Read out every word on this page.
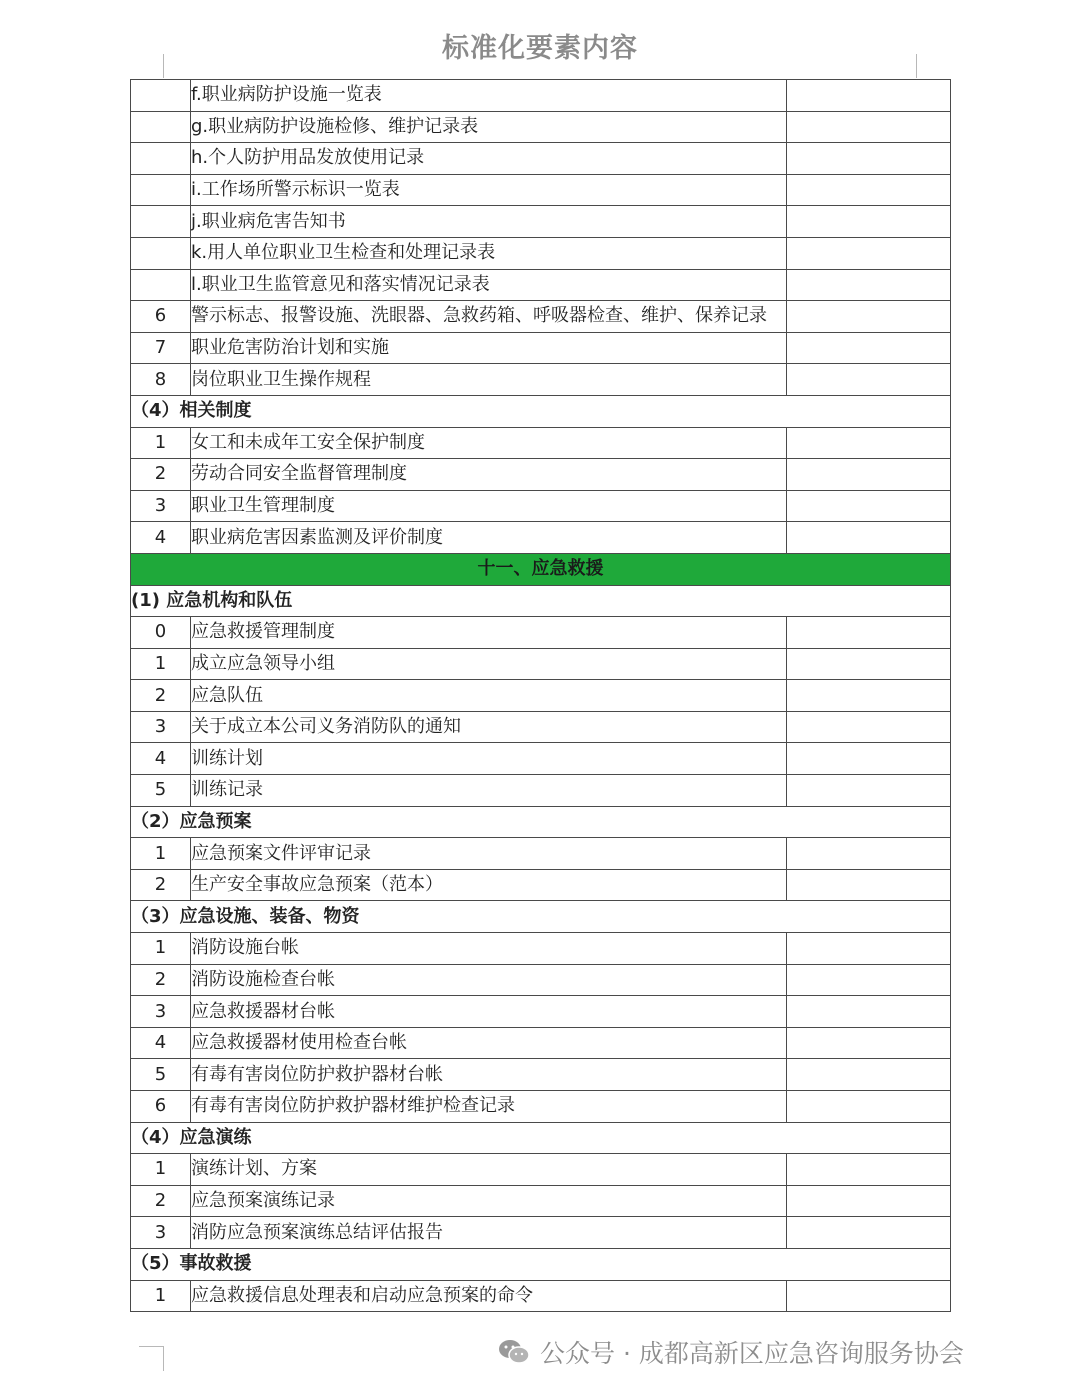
标准化要素内容
	f.职业病防护设施一览表	
	g.职业病防护设施检修、维护记录表	
	h.个人防护用品发放使用记录	
	i.工作场所警示标识一览表	
	j.职业病危害告知书	
	k.用人单位职业卫生检查和处理记录表	
	l.职业卫生监管意见和落实情况记录表	
6	警示标志、报警设施、洗眼器、急救药箱、呼吸器检查、维护、保养记录	
7	职业危害防治计划和实施	
8	岗位职业卫生操作规程	
（4）相关制度		
1	女工和未成年工安全保护制度	
2	劳动合同安全监督管理制度	
3	职业卫生管理制度	
4	职业病危害因素监测及评价制度	
十一、应急救援		
(1) 应急机构和队伍		
0	应急救援管理制度	
1	成立应急领导小组	
2	应急队伍	
3	关于成立本公司义务消防队的通知	
4	训练计划	
5	训练记录	
（2）应急预案		
1	应急预案文件评审记录	
2	生产安全事故应急预案（范本）	
（3）应急设施、装备、物资		
1	消防设施台帐	
2	消防设施检查台帐	
3	应急救援器材台帐	
4	应急救援器材使用检查台帐	
5	有毒有害岗位防护救护器材台帐	
6	有毒有害岗位防护救护器材维护检查记录	
（4）应急演练		
1	演练计划、方案	
2	应急预案演练记录	
3	消防应急预案演练总结评估报告	
（5）事故救援		
1	应急救援信息处理表和启动应急预案的命令	
公众号 · 成都高新区应急咨询服务协会
